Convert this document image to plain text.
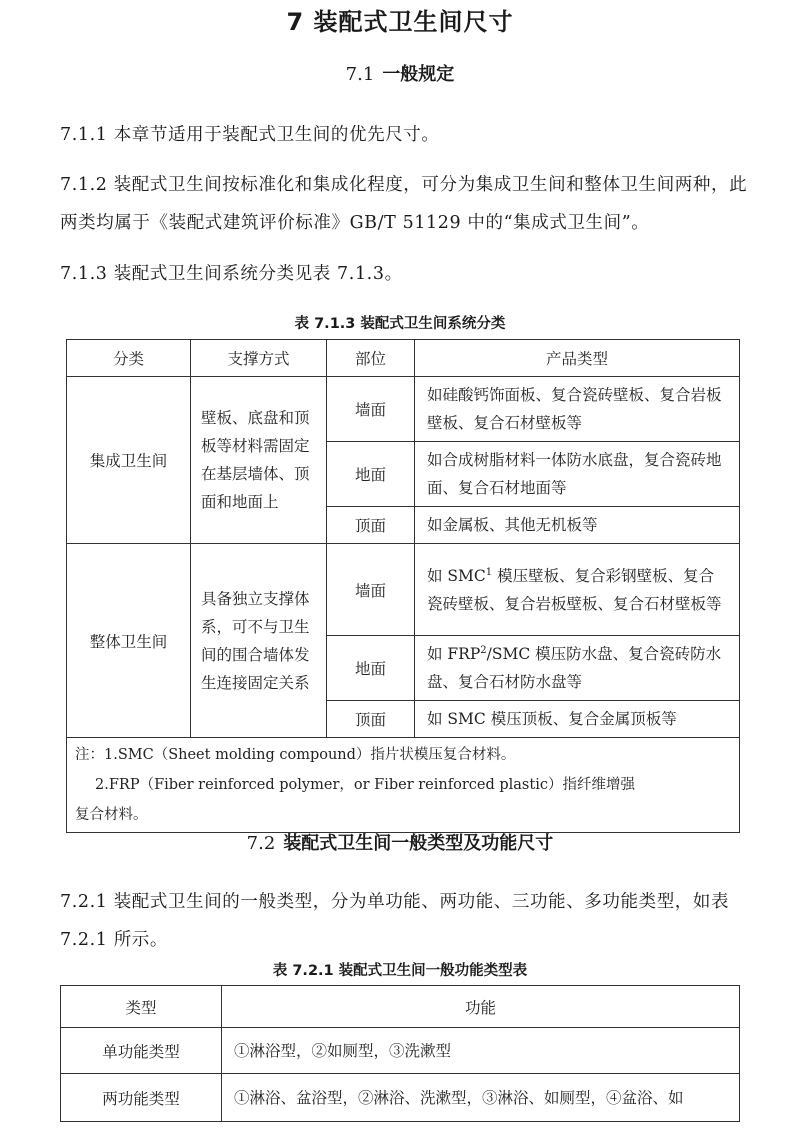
7 装配式卫生间尺寸
7.1 一般规定
7.1.1 本章节适用于装配式卫生间的优先尺寸。
7.1.2 装配式卫生间按标准化和集成化程度，可分为集成卫生间和整体卫生间两种，此两类均属于《装配式建筑评价标准》GB/T 51129 中的“集成式卫生间”。
7.1.3 装配式卫生间系统分类见表 7.1.3。
表 7.1.3 装配式卫生间系统分类
分类	支撑方式	部位	产品类型
集成卫生间	壁板、底盘和顶板等材料需固定在基层墙体、顶面和地面上	墙面	如硅酸钙饰面板、复合瓷砖壁板、复合岩板壁板、复合石材壁板等
		地面	如合成树脂材料一体防水底盘，复合瓷砖地面、复合石材地面等
		顶面	如金属板、其他无机板等
整体卫生间	具备独立支撑体系，可不与卫生间的围合墙体发生连接固定关系	墙面	如 SMC$^1$ 模压壁板、复合彩钢壁板、复合瓷砖壁板、复合岩板壁板、复合石材壁板等
		地面	如 FRP$^2$/SMC 模压防水盘、复合瓷砖防水盘、复合石材防水盘等
		顶面	如 SMC 模压顶板、复合金属顶板等

注：1.SMC（Sheet molding compound）指片状模压复合材料。
2.FRP（Fiber reinforced polymer，or Fiber reinforced plastic）指纤维增强
复合材料。			
7.2 装配式卫生间一般类型及功能尺寸
7.2.1 装配式卫生间的一般类型，分为单功能、两功能、三功能、多功能类型，如表 7.2.1 所示。
表 7.2.1 装配式卫生间一般功能类型表
类型	功能
单功能类型	①淋浴型，②如厕型，③洗漱型
两功能类型	①淋浴、盆浴型，②淋浴、洗漱型，③淋浴、如厕型，④盆浴、如
